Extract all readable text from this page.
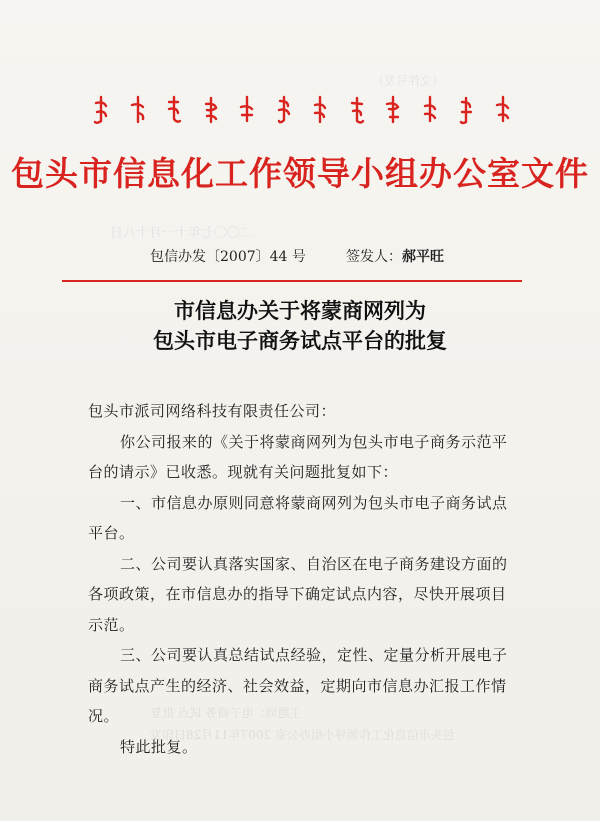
二〇〇七年十一月十八日
（文件号发）
主题词：电子商务 试点 批复
包头市信息化工作领导小组办公室 2007年11月28日印发
包头市信息化工作领导小组办公室文件
包信办发〔2007〕44 号	签发人：郝平旺
市信息办关于将蒙商网列为
包头市电子商务试点平台的批复

包头市派司网络科技有限责任公司：

你公司报来的《关于将蒙商网列为包头市电子商务示范平台的请示》已收悉。现就有关问题批复如下：

一、市信息办原则同意将蒙商网列为包头市电子商务试点平台。

二、公司要认真落实国家、自治区在电子商务建设方面的各项政策，在市信息办的指导下确定试点内容，尽快开展项目示范。

三、公司要认真总结试点经验，定性、定量分析开展电子商务试点产生的经济、社会效益，定期向市信息办汇报工作情况。

特此批复。
